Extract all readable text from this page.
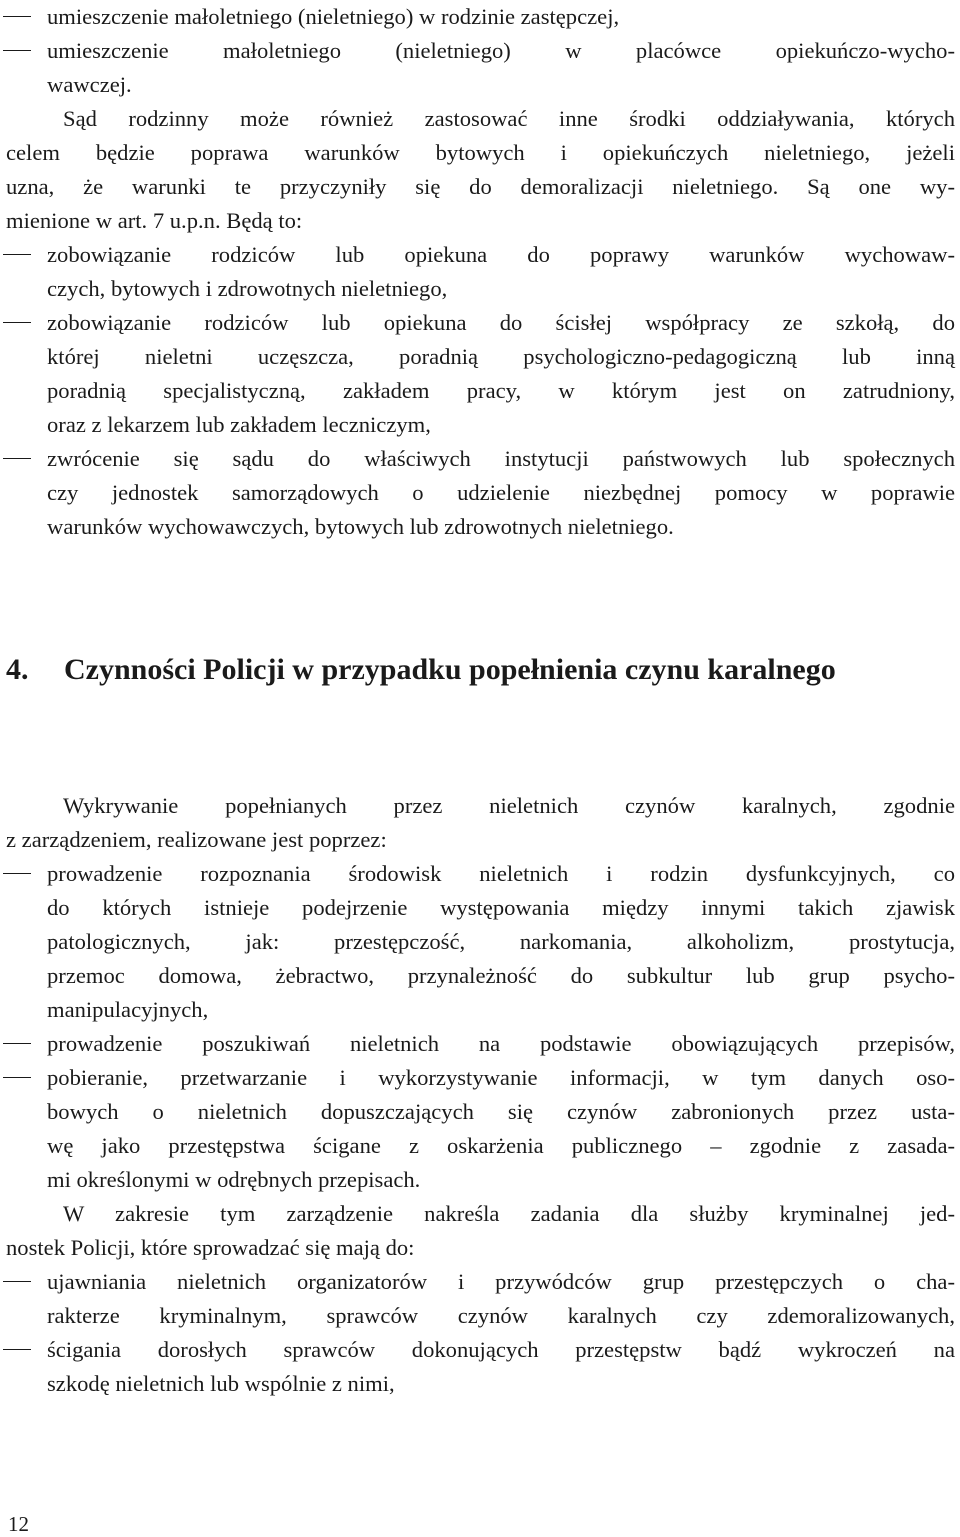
umieszczenie małoletniego (nieletniego) w rodzinie zastępczej,
umieszczenie małoletniego (nieletniego) w placówce opiekuńczo-wycho-
wawczej.
Sąd rodzinny może również zastosować inne środki oddziaływania, których
celem będzie poprawa warunków bytowych i opiekuńczych nieletniego, jeżeli
uzna, że warunki te przyczyniły się do demoralizacji nieletniego. Są one wy-
mienione w art. 7 u.p.n. Będą to:
zobowiązanie rodziców lub opiekuna do poprawy warunków wychowaw-
czych, bytowych i zdrowotnych nieletniego,
zobowiązanie rodziców lub opiekuna do ścisłej współpracy ze szkołą, do
której nieletni uczęszcza, poradnią psychologiczno-pedagogiczną lub inną
poradnią specjalistyczną, zakładem pracy, w którym jest on zatrudniony,
oraz z lekarzem lub zakładem leczniczym,
zwrócenie się sądu do właściwych instytucji państwowych lub społecznych
czy jednostek samorządowych o udzielenie niezbędnej pomocy w poprawie
warunków wychowawczych, bytowych lub zdrowotnych nieletniego.
4. Czynności Policji w przypadku popełnienia czynu karalnego
Wykrywanie popełnianych przez nieletnich czynów karalnych, zgodnie
z zarządzeniem, realizowane jest poprzez:
prowadzenie rozpoznania środowisk nieletnich i rodzin dysfunkcyjnych, co
do których istnieje podejrzenie występowania między innymi takich zjawisk
patologicznych, jak: przestępczość, narkomania, alkoholizm, prostytucja,
przemoc domowa, żebractwo, przynależność do subkultur lub grup psycho-
manipulacyjnych,
prowadzenie poszukiwań nieletnich na podstawie obowiązujących przepisów,
pobieranie, przetwarzanie i wykorzystywanie informacji, w tym danych oso-
bowych o nieletnich dopuszczających się czynów zabronionych przez usta-
wę jako przestępstwa ścigane z oskarżenia publicznego – zgodnie z zasada-
mi określonymi w odrębnych przepisach.
W zakresie tym zarządzenie nakreśla zadania dla służby kryminalnej jed-
nostek Policji, które sprowadzać się mają do:
ujawniania nieletnich organizatorów i przywódców grup przestępczych o cha-
rakterze kryminalnym, sprawców czynów karalnych czy zdemoralizowanych,
ścigania dorosłych sprawców dokonujących przestępstw bądź wykroczeń na
szkodę nieletnich lub wspólnie z nimi,
12
